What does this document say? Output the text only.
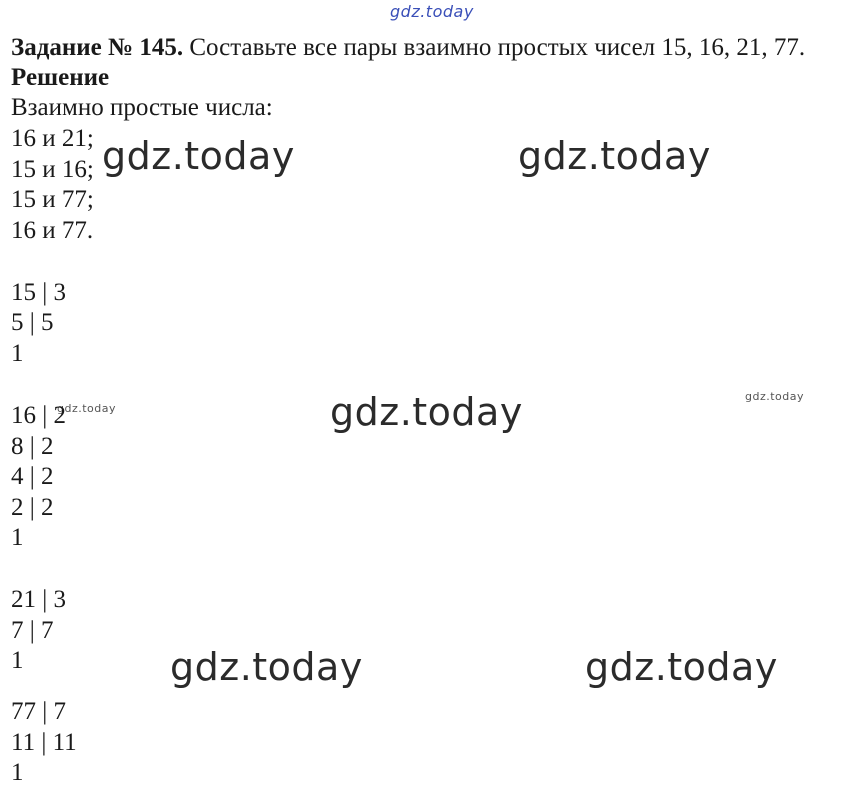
gdz.today
gdz.today	gdz.today
gdz.today
gdz.today
gdz.today
gdz.today	gdz.today
Задание № 145. Составьте все пары взаимно простых чисел 15, 16, 21, 77.
Решение
Взаимно простые числа:
16 и 21;
15 и 16;
15 и 77;
16 и 77.
15 | 3
5 | 5
1
16 | 2
8 | 2
4 | 2
2 | 2
1
21 | 3
7 | 7
1
77 | 7
11 | 11
1
